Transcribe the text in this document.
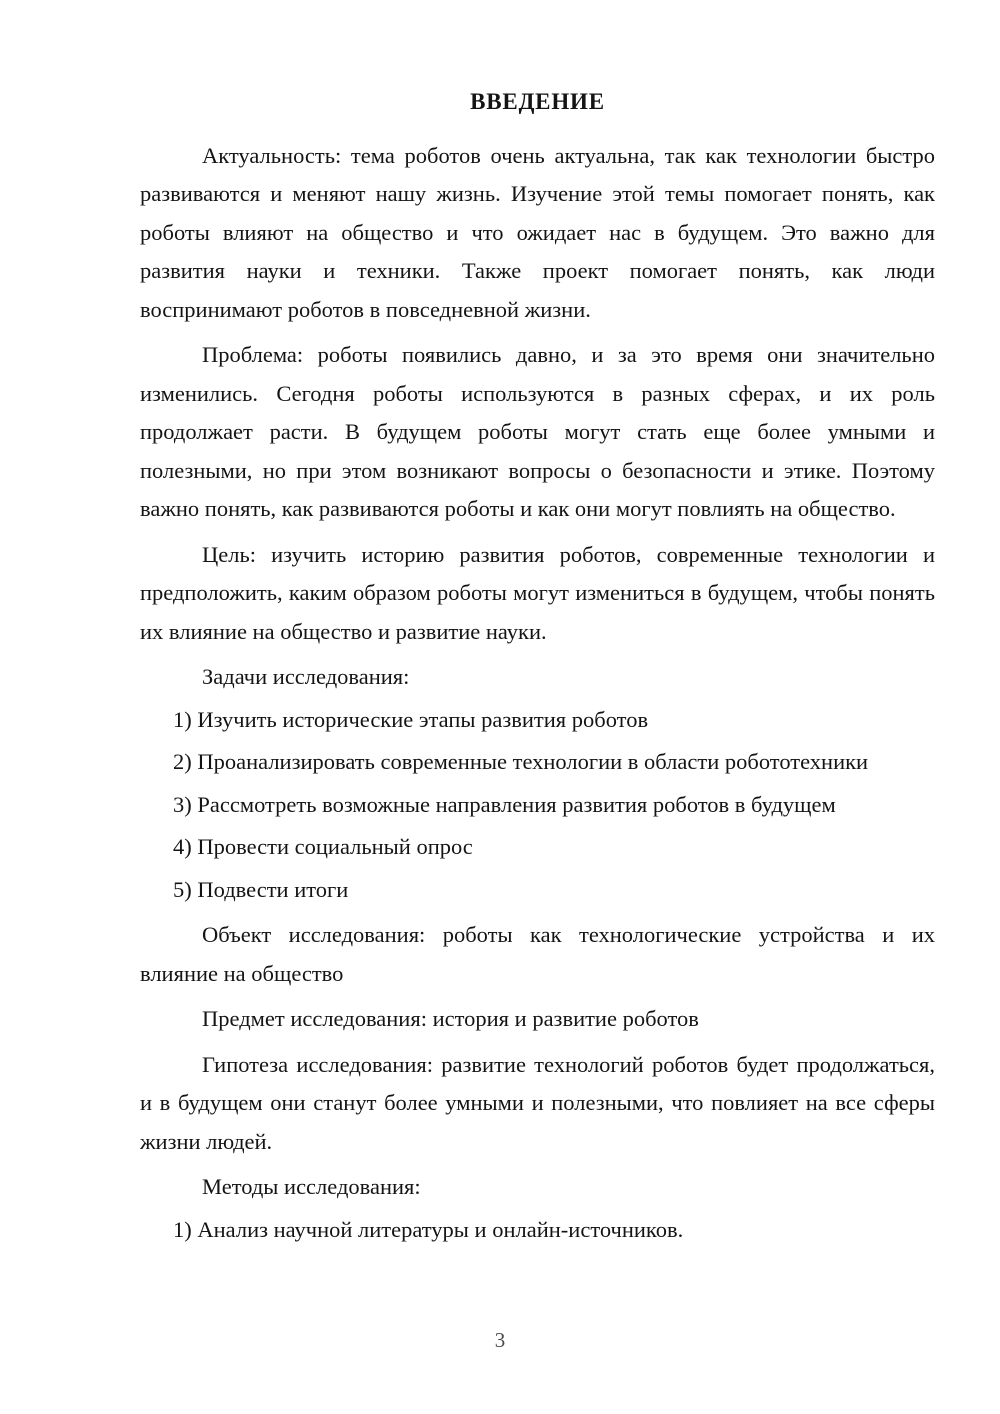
ВВЕДЕНИЕ

Актуальность: тема роботов очень актуальна, так как технологии быстро развиваются и меняют нашу жизнь. Изучение этой темы помогает понять, как роботы влияют на общество и что ожидает нас в будущем. Это важно для развития науки и техники. Также проект помогает понять, как люди воспринимают роботов в повседневной жизни.

Проблема: роботы появились давно, и за это время они значительно изменились. Сегодня роботы используются в разных сферах, и их роль продолжает расти. В будущем роботы могут стать еще более умными и полезными, но при этом возникают вопросы о безопасности и этике. Поэтому важно понять, как развиваются роботы и как они могут повлиять на общество.

Цель: изучить историю развития роботов, современные технологии и предположить, каким образом роботы могут измениться в будущем, чтобы понять их влияние на общество и развитие науки.

Задачи исследования:

1) Изучить исторические этапы развития роботов

2) Проанализировать современные технологии в области робототехники

3) Рассмотреть возможные направления развития роботов в будущем

4) Провести социальный опрос

5) Подвести итоги

Объект исследования: роботы как технологические устройства и их влияние на общество

Предмет исследования: история и развитие роботов

Гипотеза исследования: развитие технологий роботов будет продолжаться, и в будущем они станут более умными и полезными, что повлияет на все сферы жизни людей.

Методы исследования:

1) Анализ научной литературы и онлайн-источников.

3
